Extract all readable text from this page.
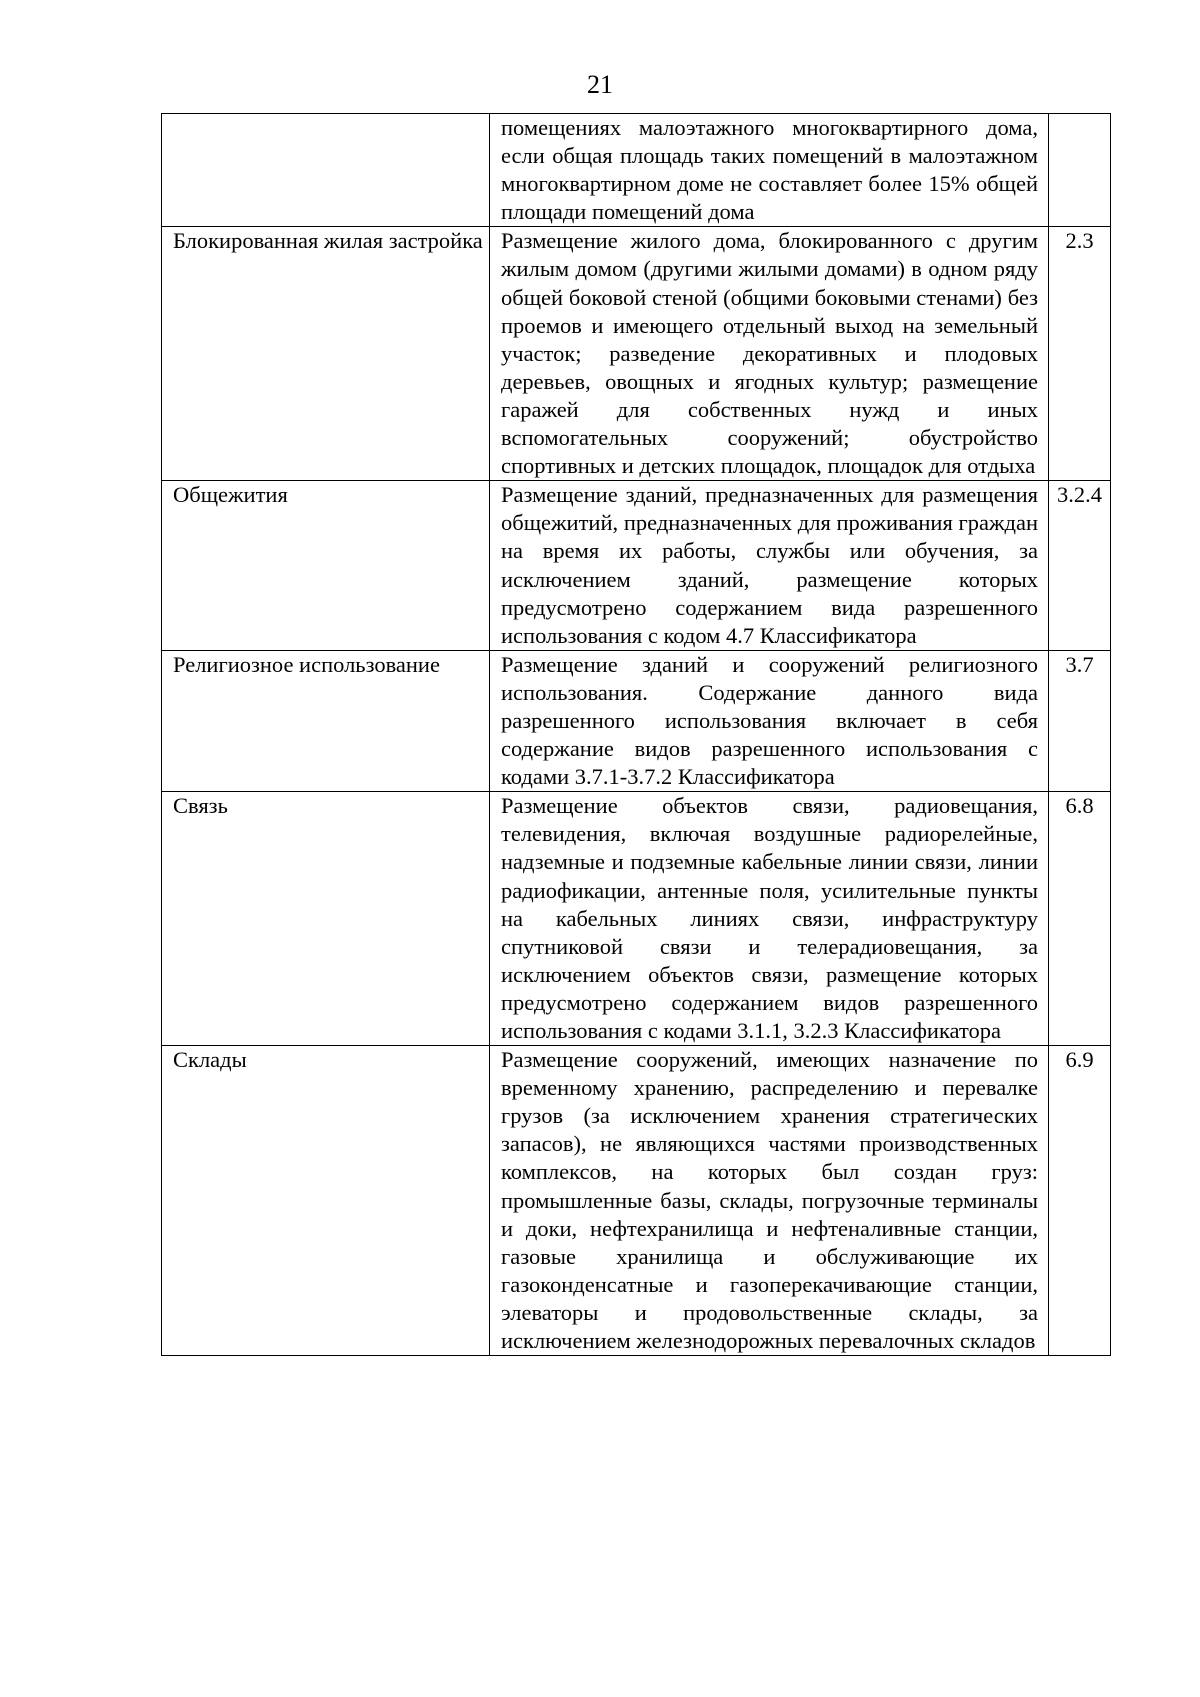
21
	помещениях малоэтажного многоквартирного дома, если общая площадь таких помещений в малоэтажном многоквартирном доме не составляет более 15% общей площади помещений дома	
Блокированная жилая застройка	Размещение жилого дома, блокированного с другим жилым домом (другими жилыми домами) в одном ряду общей боковой стеной (общими боковыми стенами) без проемов и имеющего отдельный выход на земельный участок; разведение декоративных и плодовых деревьев, овощных и ягодных культур; размещение гаражей для собственных нужд и иных вспомогательных сооружений; обустройство спортивных и детских площадок, площадок для отдыха	2.3
Общежития	Размещение зданий, предназначенных для размещения общежитий, предназначенных для проживания граждан на время их работы, службы или обучения, за исключением зданий, размещение которых предусмотрено содержанием вида разрешенного использования с кодом 4.7 Классификатора	3.2.4
Религиозное использование	Размещение зданий и сооружений религиозного использования. Содержание данного вида разрешенного использования включает в себя содержание видов разрешенного использования с кодами 3.7.1-3.7.2 Классификатора	3.7
Связь	Размещение объектов связи, радиовещания, телевидения, включая воздушные радиорелейные, надземные и подземные кабельные линии связи, линии радиофикации, антенные поля, усилительные пункты на кабельных линиях связи, инфраструктуру спутниковой связи и телерадиовещания, за исключением объектов связи, размещение которых предусмотрено содержанием видов разрешенного использования с кодами 3.1.1, 3.2.3 Классификатора	6.8
Склады	Размещение сооружений, имеющих назначение по временному хранению, распределению и перевалке грузов (за исключением хранения стратегических запасов), не являющихся частями производственных комплексов, на которых был создан груз: промышленные базы, склады, погрузочные терминалы и доки, нефтехранилища и нефтеналивные станции, газовые хранилища и обслуживающие их газоконденсатные и газоперекачивающие станции, элеваторы и продовольственные склады, за исключением железнодорожных перевалочных складов	6.9
